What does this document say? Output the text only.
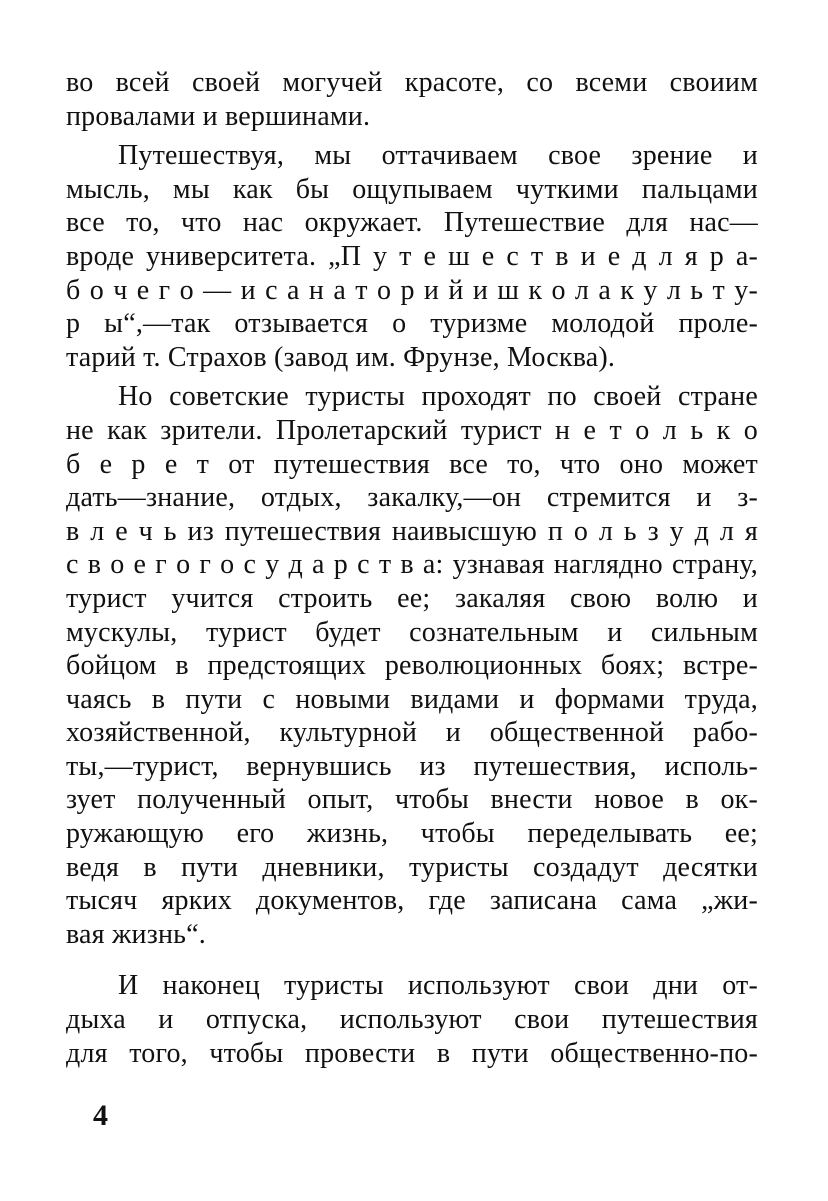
во всей своей могучей красоте, со всеми своиим
провалами и вершинами.
Путешествуя, мы оттачиваем свое зрение и
мысль, мы как бы ощупываем чуткими пальцами
все то, что нас окружает. Путешествие для нас—
вроде университета. „П у т е ш е с т в и е д л я р а-
б о ч е г о — и с а н а т о р и й и ш к о л а к у л ь т у-
р ы“,—так отзывается о туризме молодой проле-
тарий т. Страхов (завод им. Фрунзе, Москва).
Но советские туристы проходят по своей стране
не как зрители. Пролетарский турист н е т о л ь к о
б е р е т от путешествия все то, что оно может
дать—знание, отдых, закалку,—он стремится и з-
в л е ч ь из путешествия наивысшую п о л ь з у д л я
с в о е г о г о с у д а р с т в а: узнавая наглядно страну,
турист учится строить ее; закаляя свою волю и
мускулы, турист будет сознательным и сильным
бойцом в предстоящих революционных боях; встре-
чаясь в пути с новыми видами и формами труда,
хозяйственной, культурной и общественной рабо-
ты,—турист, вернувшись из путешествия, исполь-
зует полученный опыт, чтобы внести новое в ок-
ружающую его жизнь, чтобы переделывать ее;
ведя в пути дневники, туристы создадут десятки
тысяч ярких документов, где записана сама „жи-
вая жизнь“.
И наконец туристы используют свои дни от-
дыха и отпуска, используют свои путешествия
для того, чтобы провести в пути общественно-по-
4
